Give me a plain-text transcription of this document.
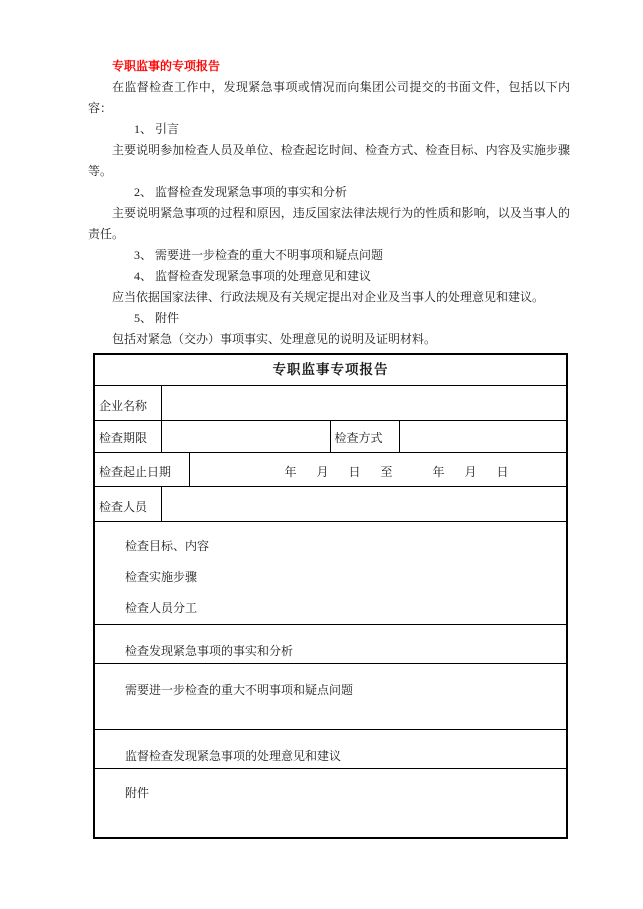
专职监事的专项报告

在监督检查工作中，发现紧急事项或情况而向集团公司提交的书面文件，包括以下内容：

1、 引言

主要说明参加检查人员及单位、检查起讫时间、检查方式、检查目标、内容及实施步骤等。

2、 监督检查发现紧急事项的事实和分析

主要说明紧急事项的过程和原因，违反国家法律法规行为的性质和影响，以及当事人的责任。

3、 需要进一步检查的重大不明事项和疑点问题

4、 监督检查发现紧急事项的处理意见和建议

应当依据国家法律、行政法规及有关规定提出对企业及当事人的处理意见和建议。

5、 附件

包括对紧急（交办）事项事实、处理意见的说明及证明材料。

专职监事专项报告				
企业名称				
检查期限			检查方式	
检查起止日期		年 月 日 至  年 月 日		
检查人员				

检查目标、内容
检查实施步骤
检查人员分工				

检查发现紧急事项的事实和分析				
需要进一步检查的重大不明事项和疑点问题				
监督检查发现紧急事项的处理意见和建议				
附件				
